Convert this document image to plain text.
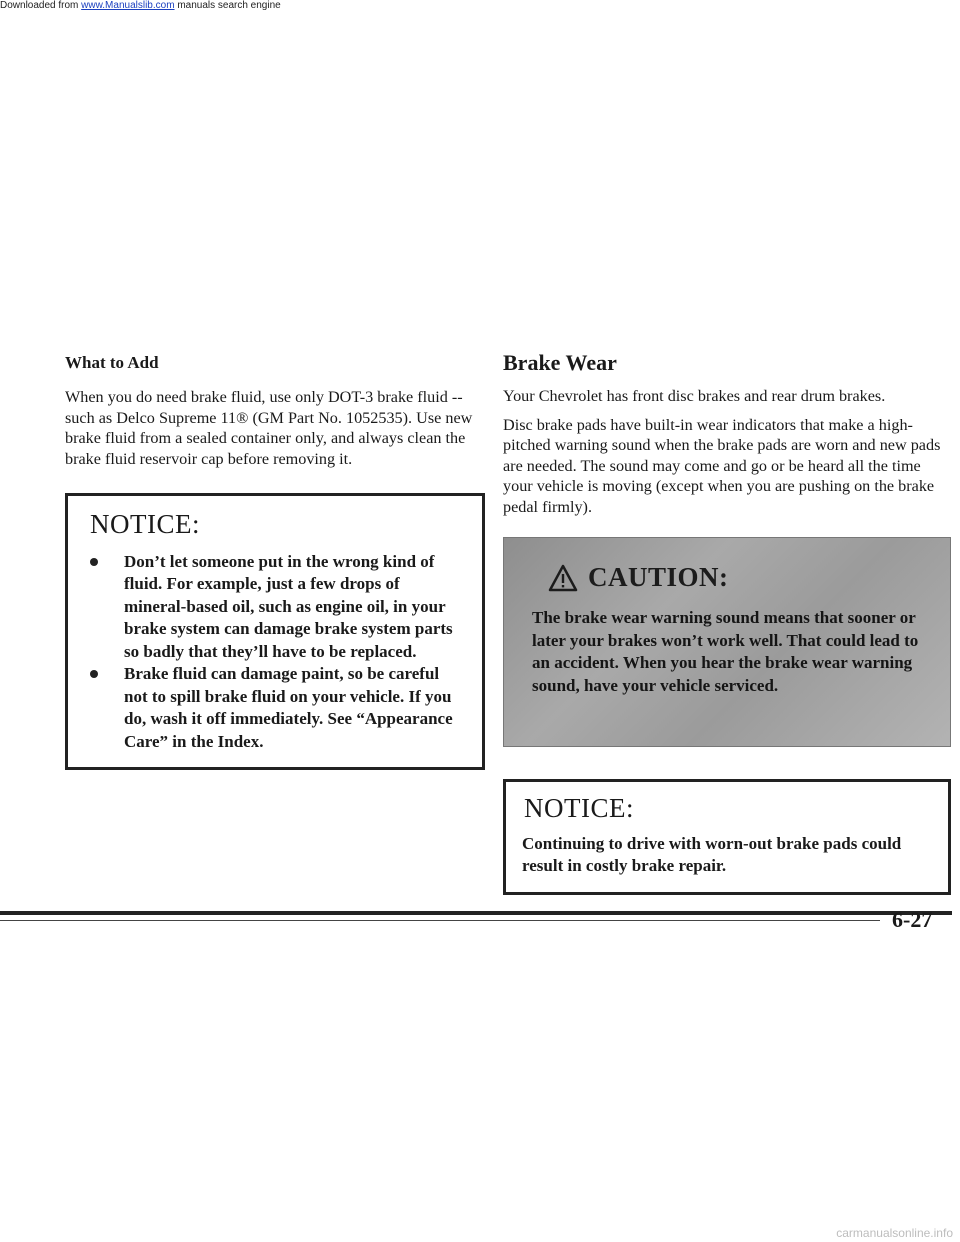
Downloaded from www.Manualslib.com manuals search engine
What to Add

When you do need brake fluid, use only DOT-3 brake fluid -- such as Delco Supreme 11® (GM Part No. 1052535). Use new brake fluid from a sealed container only, and always clean the brake fluid reservoir cap before removing it.

NOTICE:
Don’t let someone put in the wrong kind of fluid. For example, just a few drops of mineral-based oil, such as engine oil, in your brake system can damage brake system parts so badly that they’ll have to be replaced.
Brake fluid can damage paint, so be careful not to spill brake fluid on your vehicle. If you do, wash it off immediately. See “Appearance Care” in the Index.
Brake Wear

Your Chevrolet has front disc brakes and rear drum brakes.

Disc brake pads have built-in wear indicators that make a high-pitched warning sound when the brake pads are worn and new pads are needed. The sound may come and go or be heard all the time your vehicle is moving (except when you are pushing on the brake pedal firmly).

CAUTION:

The brake wear warning sound means that sooner or later your brakes won’t work well. That could lead to an accident. When you hear the brake wear warning sound, have your vehicle serviced.

NOTICE:

Continuing to drive with worn-out brake pads could result in costly brake repair.

6-27
carmanualsonline.info
